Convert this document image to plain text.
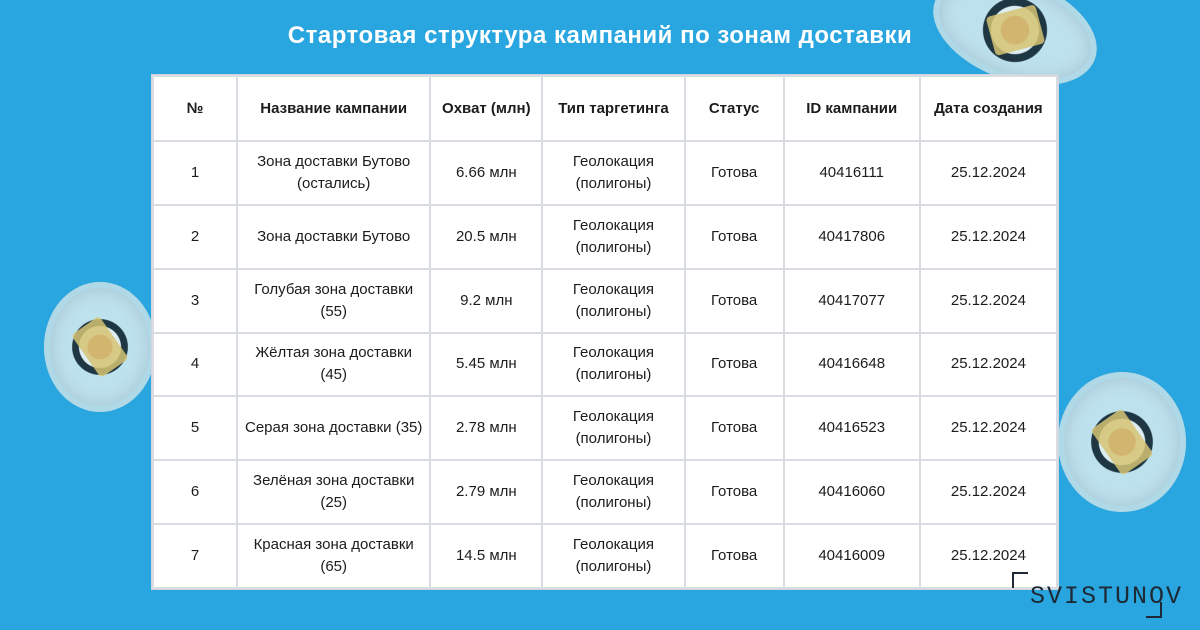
Стартовая структура кампаний по зонам доставки
№	Название кампании	Охват (млн)	Тип таргетинга	Статус	ID кампании	Дата создания
1	Зона доставки Бутово (остались)	6.66 млн	Геолокация (полигоны)	Готова	40416111	25.12.2024
2	Зона доставки Бутово	20.5 млн	Геолокация (полигоны)	Готова	40417806	25.12.2024
3	Голубая зона доставки (55)	9.2 млн	Геолокация (полигоны)	Готова	40417077	25.12.2024
4	Жёлтая зона доставки (45)	5.45 млн	Геолокация (полигоны)	Готова	40416648	25.12.2024
5	Серая зона доставки (35)	2.78 млн	Геолокация (полигоны)	Готова	40416523	25.12.2024
6	Зелёная зона доставки (25)	2.79 млн	Геолокация (полигоны)	Готова	40416060	25.12.2024
7	Красная зона доставки (65)	14.5 млн	Геолокация (полигоны)	Готова	40416009	25.12.2024
SVISTUNOV
